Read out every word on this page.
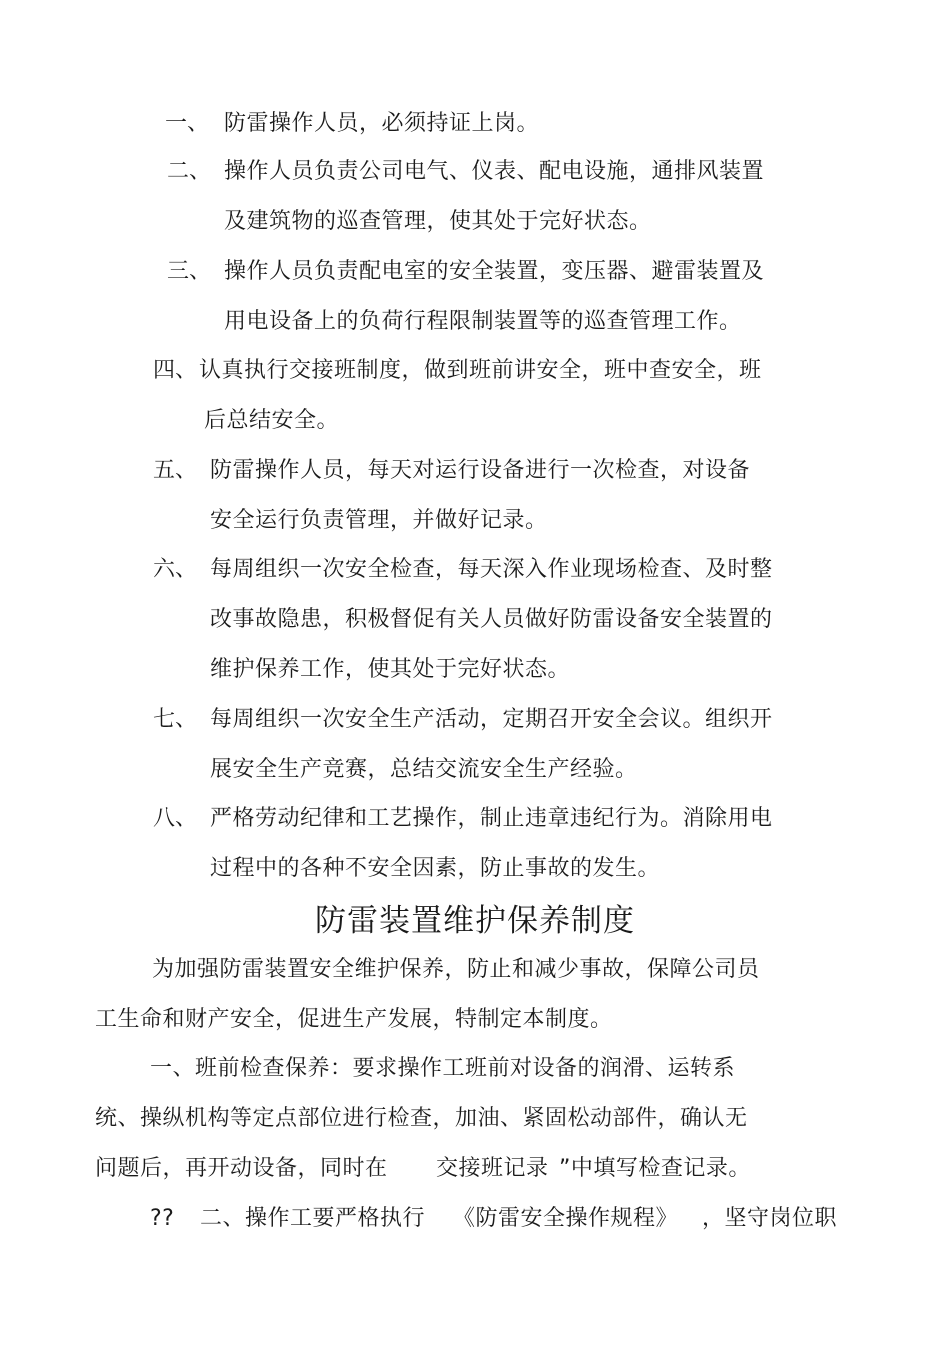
一、 防雷操作人员，必须持证上岗。
二、 操作人员负责公司电气、仪表、配电设施，通排风装置
及建筑物的巡查管理，使其处于完好状态。
三、 操作人员负责配电室的安全装置，变压器、避雷装置及
用电设备上的负荷行程限制装置等的巡查管理工作。
四、 认真执行交接班制度，做到班前讲安全，班中查安全，班
后总结安全。
五、 防雷操作人员，每天对运行设备进行一次检查，对设备
安全运行负责管理，并做好记录。
六、 每周组织一次安全检查，每天深入作业现场检查、及时整
改事故隐患，积极督促有关人员做好防雷设备安全装置的
维护保养工作，使其处于完好状态。
七、 每周组织一次安全生产活动，定期召开安全会议。组织开
展安全生产竞赛，总结交流安全生产经验。
八、 严格劳动纪律和工艺操作，制止违章违纪行为。消除用电
过程中的各种不安全因素，防止事故的发生。
防雷装置维护保养制度
为加强防雷装置安全维护保养，防止和减少事故，保障公司员
工生命和财产安全，促进生产发展，特制定本制度。
一、班前检查保养：要求操作工班前对设备的润滑、运转系
统、操纵机构等定点部位进行检查，加油、紧固松动部件，确认无
问题后，再开动设备，同时在 交接班记录 ”中填写检查记录。
?? 二、操作工要严格执行 《防雷安全操作规程》 ，坚守岗位职
